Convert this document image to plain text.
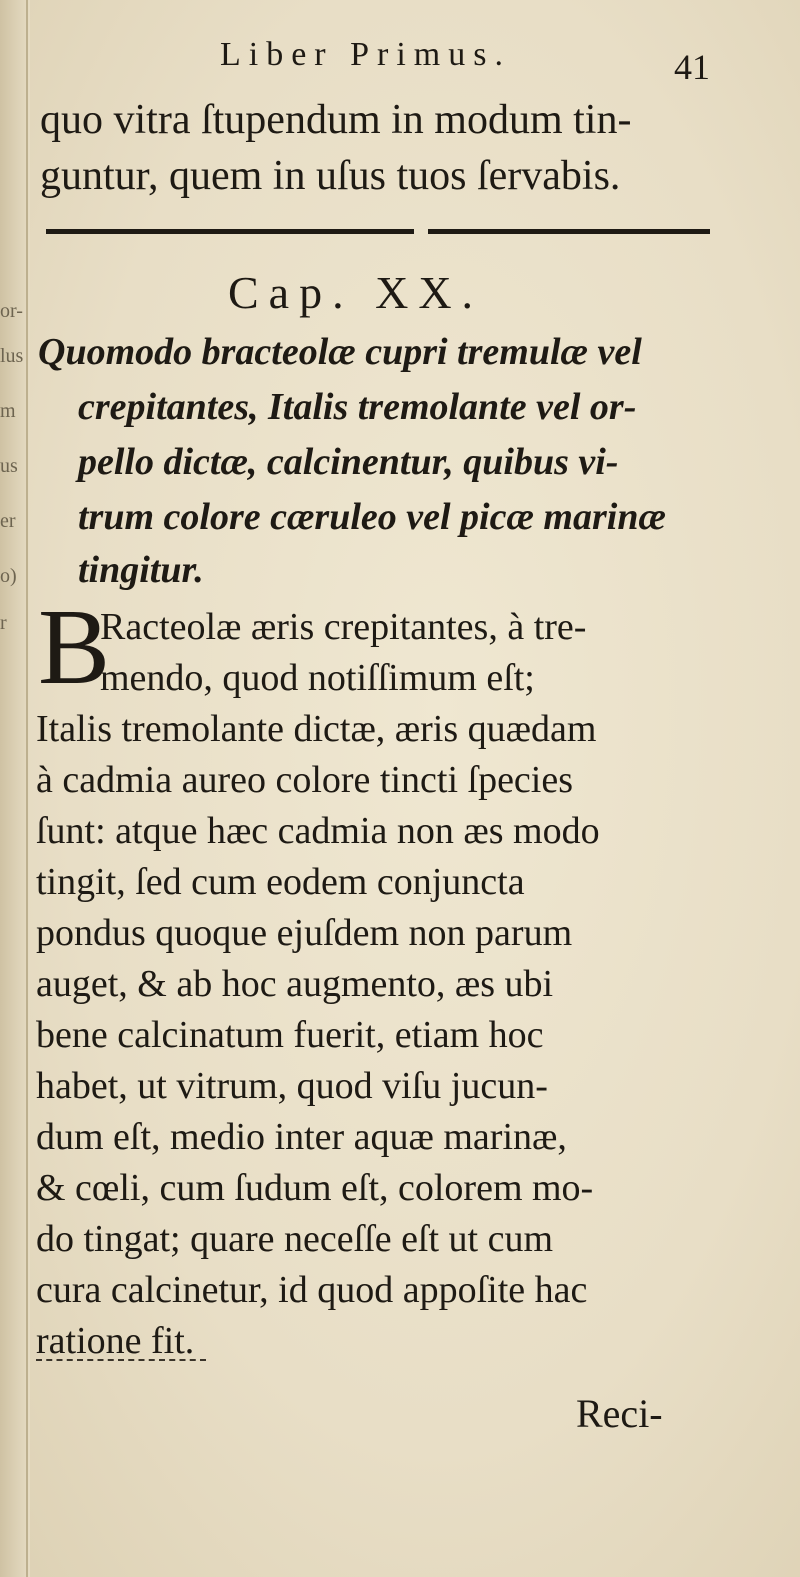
or-
lus
m
us
er
o)
r
Liber Primus.	41
quo vitra ſtupendum in modum tin-
guntur, quem in uſus tuos ſervabis.
Cap. XX.
Quomodo bracteolæ cupri tremulæ vel
crepitantes, Italis tremolante vel or-
pello dictæ, calcinentur, quibus vi-
trum colore cæruleo vel picæ marinæ
tingitur.
B
Racteolæ æris crepitantes, à tre-
mendo, quod notiſſimum eſt;
Italis tremolante dictæ, æris quædam
à cadmia aureo colore tincti ſpecies
ſunt: atque hæc cadmia non æs modo
tingit, ſed cum eodem conjuncta
pondus quoque ejuſdem non parum
auget, & ab hoc augmento, æs ubi
bene calcinatum fuerit, etiam hoc
habet, ut vitrum, quod viſu jucun-
dum eſt, medio inter aquæ marinæ,
& cœli, cum ſudum eſt, colorem mo-
do tingat; quare neceſſe eſt ut cum
cura calcinetur, id quod appoſite hac
ratione fit.
Reci-
